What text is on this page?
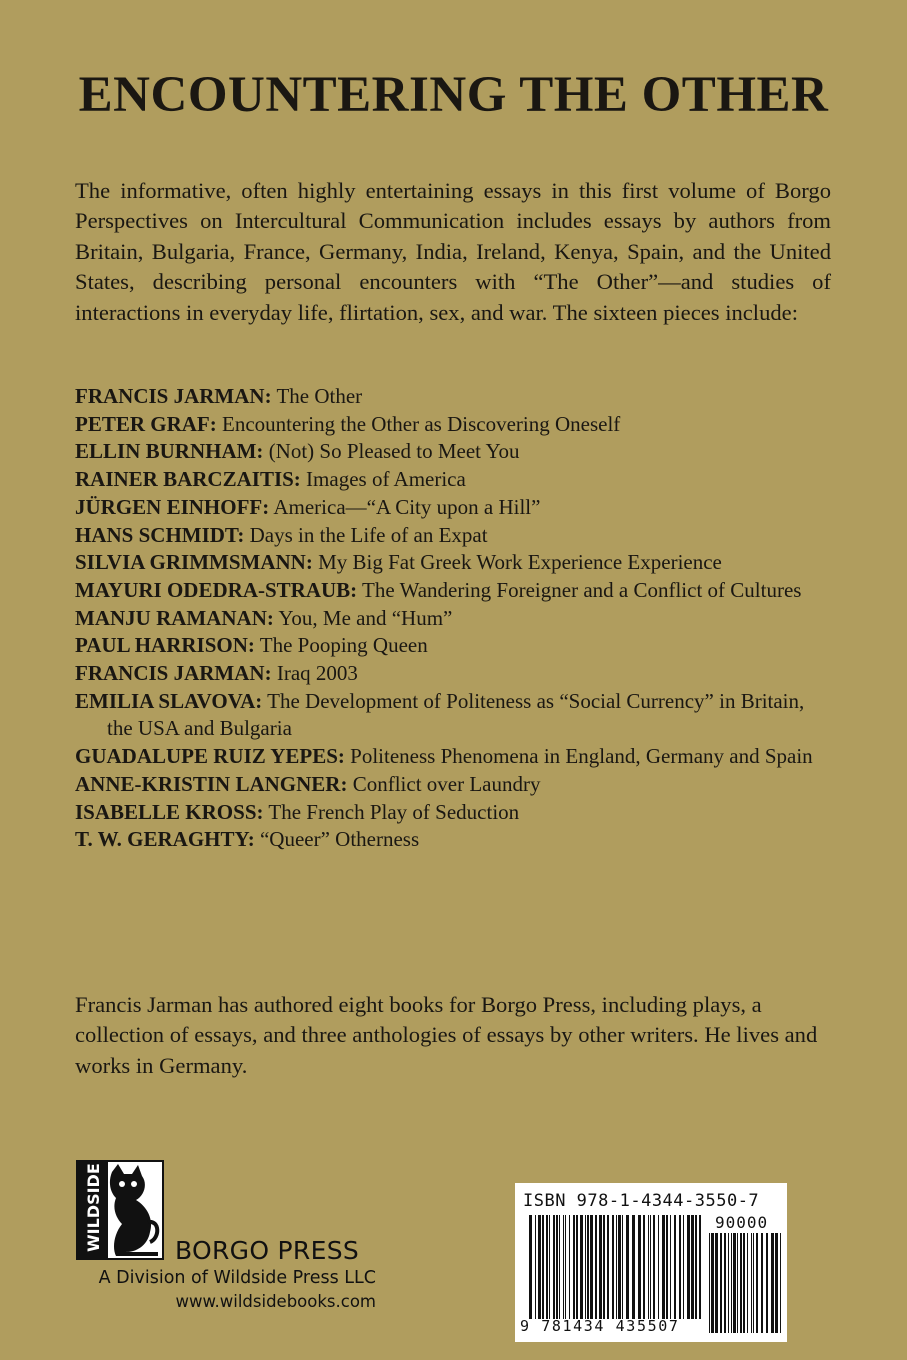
ENCOUNTERING THE OTHER

The informative, often highly entertaining essays in this first volume of Borgo Perspectives on Intercultural Communication includes essays by authors from Britain, Bulgaria, France, Germany, India, Ireland, Kenya, Spain, and the United States, describing personal encounters with “The Other”—and studies of interactions in everyday life, flirtation, sex, and war. The sixteen pieces include:

FRANCIS JARMAN: The Other
PETER GRAF: Encountering the Other as Discovering Oneself
ELLIN BURNHAM: (Not) So Pleased to Meet You
RAINER BARCZAITIS: Images of America
JÜRGEN EINHOFF: America—“A City upon a Hill”
HANS SCHMIDT: Days in the Life of an Expat
SILVIA GRIMMSMANN: My Big Fat Greek Work Experience Experience
MAYURI ODEDRA-STRAUB: The Wandering Foreigner and a Conflict of Cultures
MANJU RAMANAN: You, Me and “Hum”
PAUL HARRISON: The Pooping Queen
FRANCIS JARMAN: Iraq 2003
EMILIA SLAVOVA: The Development of Politeness as “Social Currency” in Britain, the USA and Bulgaria
GUADALUPE RUIZ YEPES: Politeness Phenomena in England, Germany and Spain
ANNE-KRISTIN LANGNER: Conflict over Laundry
ISABELLE KROSS: The French Play of Seduction
T. W. GERAGHTY: “Queer” Otherness

Francis Jarman has authored eight books for Borgo Press, including plays, a collection of essays, and three anthologies of essays by other writers. He lives and works in Germany.

WILDSIDE	BORGO PRESS
A Division of Wildside Press LLC
www.wildsidebooks.com
ISBN 978-1-4344-3550-7
90000
9 781434 435507
